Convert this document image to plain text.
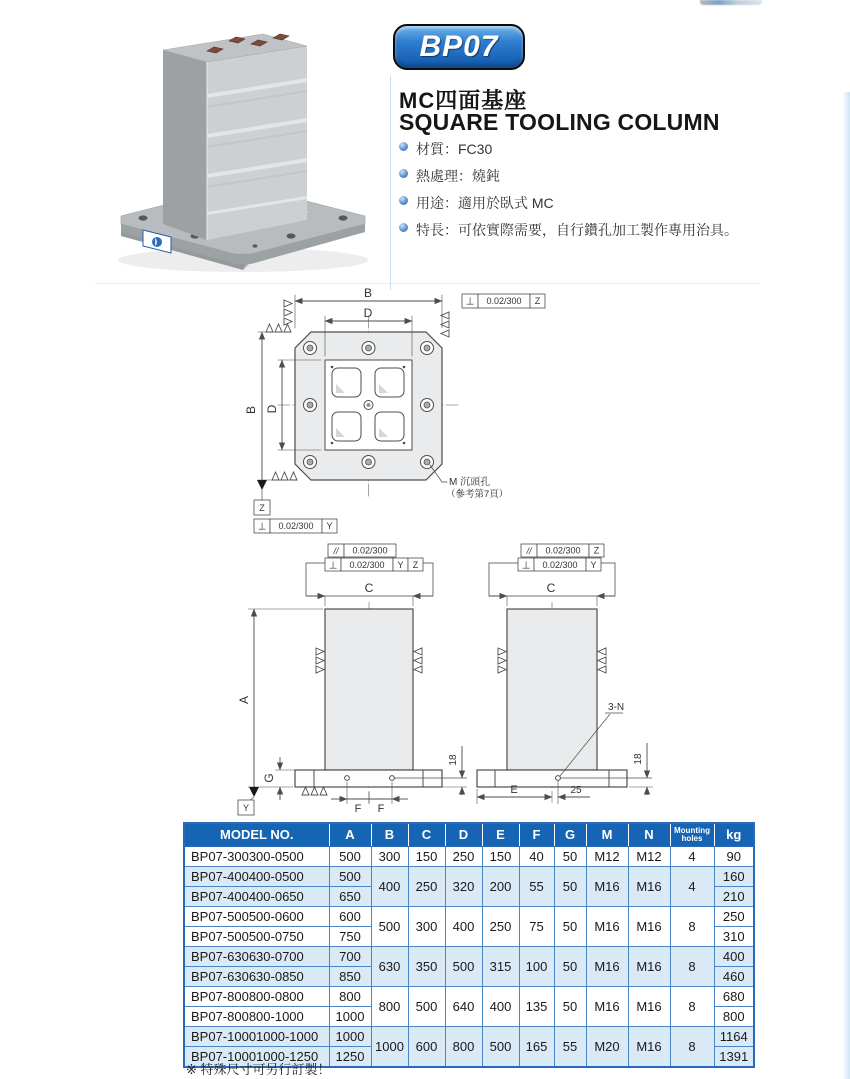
BP07
MC四面基座
SQUARE TOOLING COLUMN
材質：FC30
熱處理：燒鈍
用途：適用於臥式 MC
特長：可依實際需要，自行鑽孔加工製作專用治具。
B
D
B D
⊥ 0.02/300 Z
Z
⊥ 0.02/300 Y
M 沉頭孔
（參考第7頁）
// 0.02/300
⊥ 0.02/300 Y Z
C
A
Y
G
F F
18
// 0.02/300 Z
⊥ 0.02/300 Y
C
3-N
E	25
18
MODEL NO.	A	B	C	D	E	F	G	M	N	Mounting holes	kg
BP07-300300-0500	500	300	150	250	150	40	50	M12	M12	4	90
BP07-400400-0500	500	400	250	320	200	55	50	M16	M16	4	160
BP07-400400-0650	650										210
BP07-500500-0600	600	500	300	400	250	75	50	M16	M16	8	250
BP07-500500-0750	750										310
BP07-630630-0700	700	630	350	500	315	100	50	M16	M16	8	400
BP07-630630-0850	850										460
BP07-800800-0800	800	800	500	640	400	135	50	M16	M16	8	680
BP07-800800-1000	1000										800
BP07-10001000-1000	1000	1000	600	800	500	165	55	M20	M16	8	1164
BP07-10001000-1250	1250										1391
※ 特殊尺寸可另行訂製！
